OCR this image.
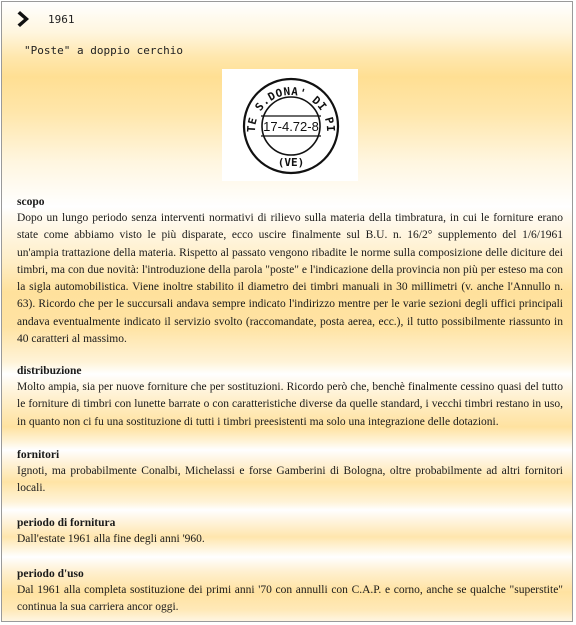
1961
"Poste" a doppio cerchio
TE S.DONA' DI PI
17-4.72-8
(VE)
scopo

Dopo un lungo periodo senza interventi normativi di rilievo sulla materia della timbratura, in cui le forniture erano state come abbiamo visto le più disparate, ecco uscire finalmente sul B.U. n. 16/2° supplemento del 1/6/1961 un'ampia trattazione della materia. Rispetto al passato vengono ribadite le norme sulla composizione delle diciture dei timbri, ma con due novità: l'introduzione della parola "poste" e l'indicazione della provincia non più per esteso ma con la sigla automobilistica. Viene inoltre stabilito il diametro dei timbri manuali in 30 millimetri (v. anche l'Annullo n. 63). Ricordo che per le succursali andava sempre indicato l'indirizzo mentre per le varie sezioni degli uffici principali andava eventualmente indicato il servizio svolto (raccomandate, posta aerea, ecc.), il tutto possibilmente riassunto in 40 caratteri al massimo.

distribuzione

Molto ampia, sia per nuove forniture che per sostituzioni. Ricordo però che, benchè finalmente cessino quasi del tutto le forniture di timbri con lunette barrate o con caratteristiche diverse da quelle standard, i vecchi timbri restano in uso, in quanto non ci fu una sostituzione di tutti i timbri preesistenti ma solo una integrazione delle dotazioni.

fornitori

Ignoti, ma probabilmente Conalbi, Michelassi e forse Gamberini di Bologna, oltre probabilmente ad altri fornitori locali.

periodo di fornitura

Dall'estate 1961 alla fine degli anni '960.

periodo d'uso

Dal 1961 alla completa sostituzione dei primi anni '70 con annulli con C.A.P. e corno, anche se qualche "superstite" continua la sua carriera ancor oggi.
